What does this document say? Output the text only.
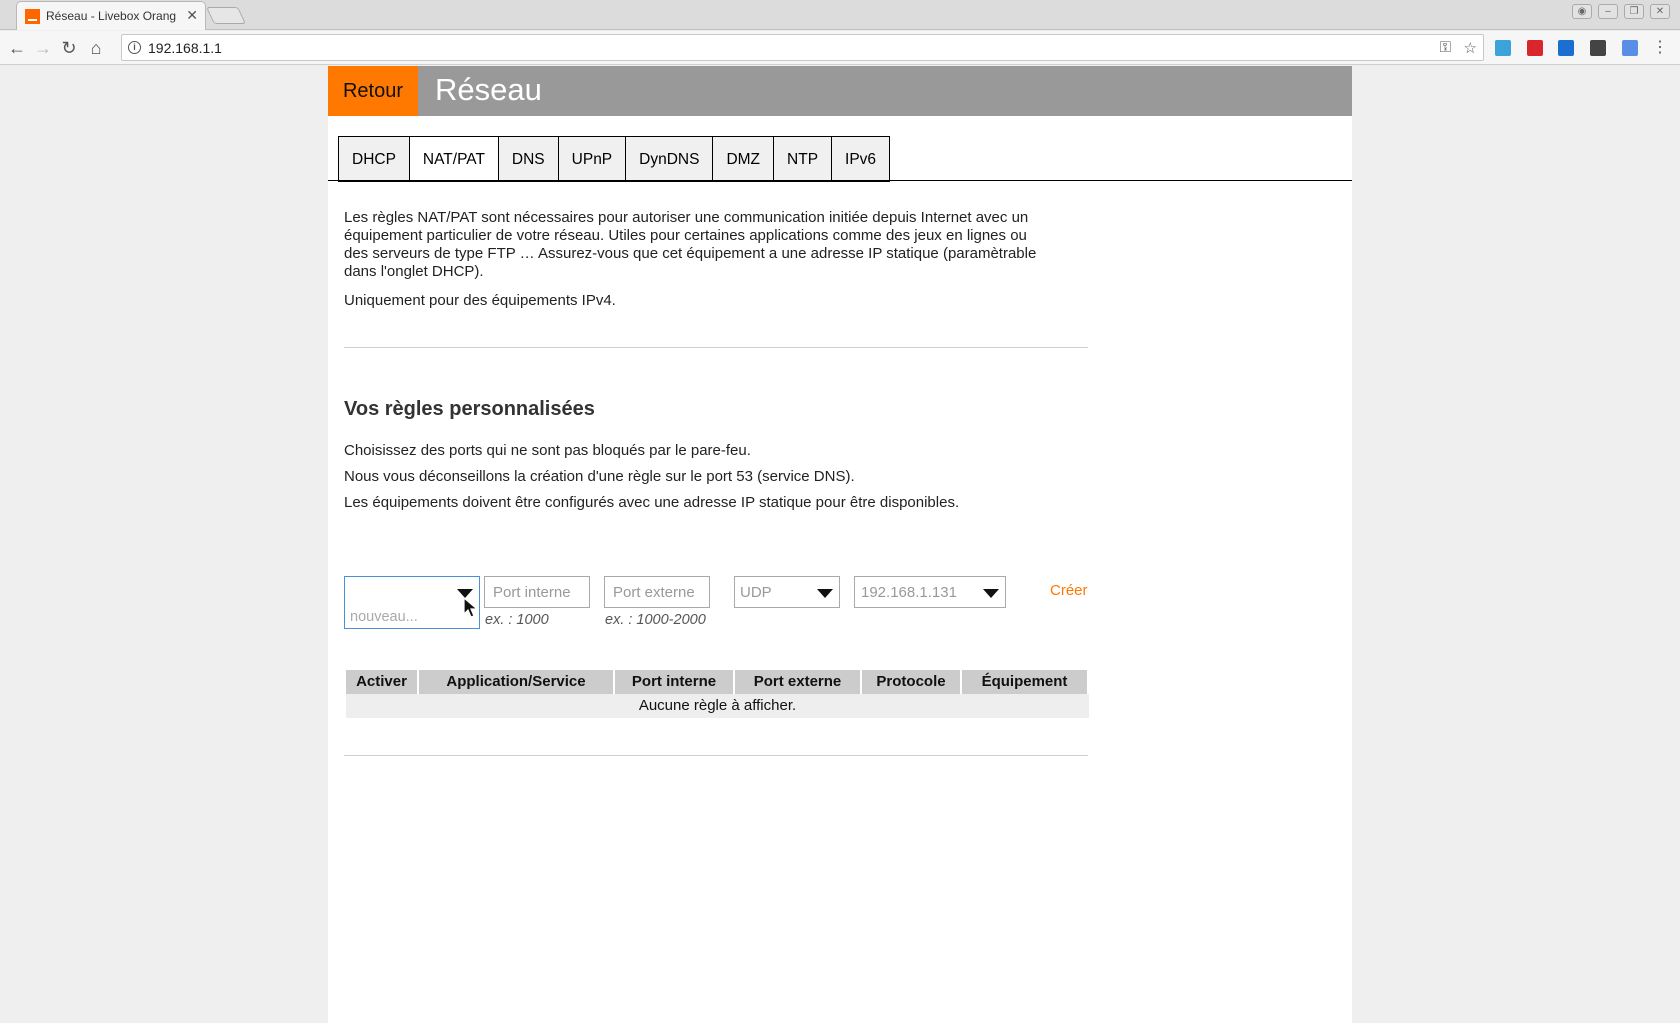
Réseau - Livebox Orang ✕	◉	–	❐	✕
← → ↻ ⌂	i 192.168.1.1	⚿ ☆	⋮
Retour	Réseau
DHCP	NAT/PAT	DNS	UPnP	DynDNS	DMZ	NTP	IPv6

Les règles NAT/PAT sont nécessaires pour autoriser une communication initiée depuis Internet avec un équipement particulier de votre réseau. Utiles pour certaines applications comme des jeux en lignes ou des serveurs de type FTP … Assurez-vous que cet équipement a une adresse IP statique (paramètrable dans l'onglet DHCP).

Uniquement pour des équipements IPv4.

Vos règles personnalisées

Choisissez des ports qui ne sont pas bloqués par le pare-feu.

Nous vous déconseillons la création d'une règle sur le port 53 (service DNS).

Les équipements doivent être configurés avec une adresse IP statique pour être disponibles.

nouveau...
Port interne
ex. : 1000
Port externe
ex. : 1000-2000
UDP	192.168.1.131	Créer
Activer	Application/Service	Port interne	Port externe	Protocole	Équipement
Aucune règle à afficher.
